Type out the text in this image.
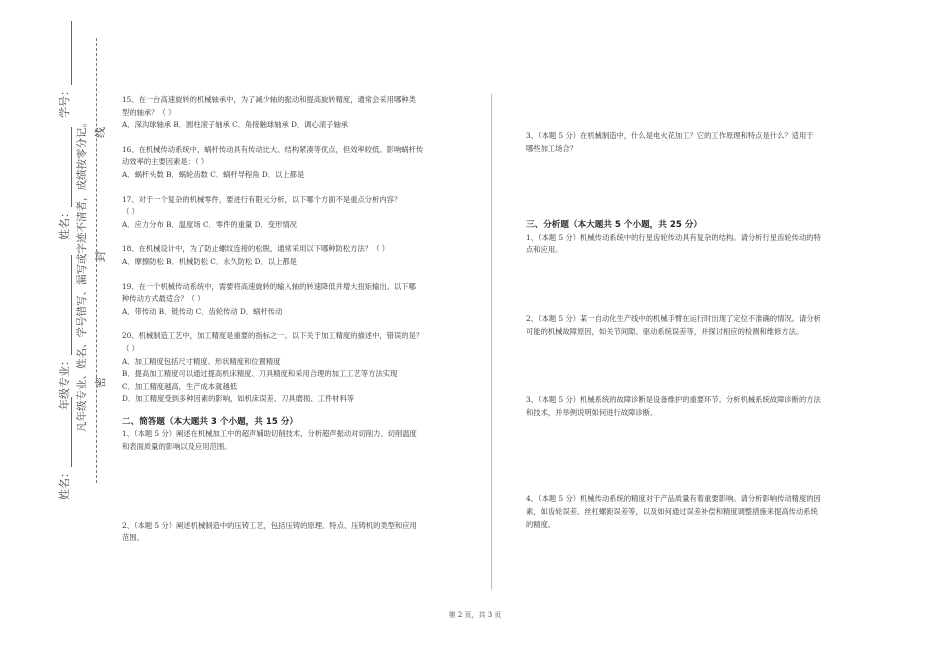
学号：
姓名：
年级专业：
姓名：
凡年级专业、姓名、学号错写、漏写或字迹不清者，成绩按零分记。 密
封
线

15、在一台高速旋转的机械轴承中，为了减少轴的振动和提高旋转精度，通常会采用哪种类

型的轴承？（ ）

A．深沟球轴承 B．圆柱滚子轴承 C．角接触球轴承 D．调心滚子轴承

16、在机械传动系统中，蜗杆传动具有传动比大、结构紧凑等优点，但效率较低。影响蜗杆传

动效率的主要因素是：（ ）

A．蜗杆头数 B．蜗轮齿数 C．蜗杆导程角 D．以上都是

17、对于一个复杂的机械零件，要进行有限元分析，以下哪个方面不是重点分析内容？

（ ）

A．应力分布 B．温度场 C．零件的重量 D．变形情况

18、在机械设计中，为了防止螺纹连接的松脱，通常采用以下哪种防松方法？（ ）

A．摩擦防松 B．机械防松 C．永久防松 D．以上都是

19、在一个机械传动系统中，需要将高速旋转的输入轴的转速降低并增大扭矩输出。以下哪

种传动方式最适合？（ ）

A．带传动 B．链传动 C．齿轮传动 D．蜗杆传动

20、机械制造工艺中，加工精度是重要的指标之一。以下关于加工精度的描述中，错误的是？

（ ）

A．加工精度包括尺寸精度、形状精度和位置精度

B．提高加工精度可以通过提高机床精度、刀具精度和采用合理的加工工艺等方法实现

C．加工精度越高，生产成本就越低

D．加工精度受到多种因素的影响，如机床误差、刀具磨损、工件材料等

二、简答题（本大题共 3 个小题，共 15 分）

1、（本题 5 分）阐述在机械加工中的超声辅助切削技术，分析超声振动对切削力、切削温度

和表面质量的影响以及应用范围。

2、（本题 5 分）阐述机械制造中的压铸工艺，包括压铸的原理、特点、压铸机的类型和应用

范围。

3、（本题 5 分）在机械制造中，什么是电火花加工？它的工作原理和特点是什么？适用于

哪些加工场合？

三、分析题（本大题共 5 个小题，共 25 分）

1、（本题 5 分）机械传动系统中的行星齿轮传动具有复杂的结构。请分析行星齿轮传动的特

点和应用。

2、（本题 5 分）某一自动化生产线中的机械手臂在运行时出现了定位不准确的情况。请分析

可能的机械故障原因，如关节间隙、驱动系统误差等，并探讨相应的检测和维修方法。

3、（本题 5 分）机械系统的故障诊断是设备维护的重要环节。分析机械系统故障诊断的方法

和技术，并举例说明如何进行故障诊断。

4、（本题 5 分）机械传动系统的精度对于产品质量有着重要影响。请分析影响传动精度的因

素，如齿轮误差、丝杠螺距误差等，以及如何通过误差补偿和精度调整措施来提高传动系统

的精度。

第 2 页，共 3 页
